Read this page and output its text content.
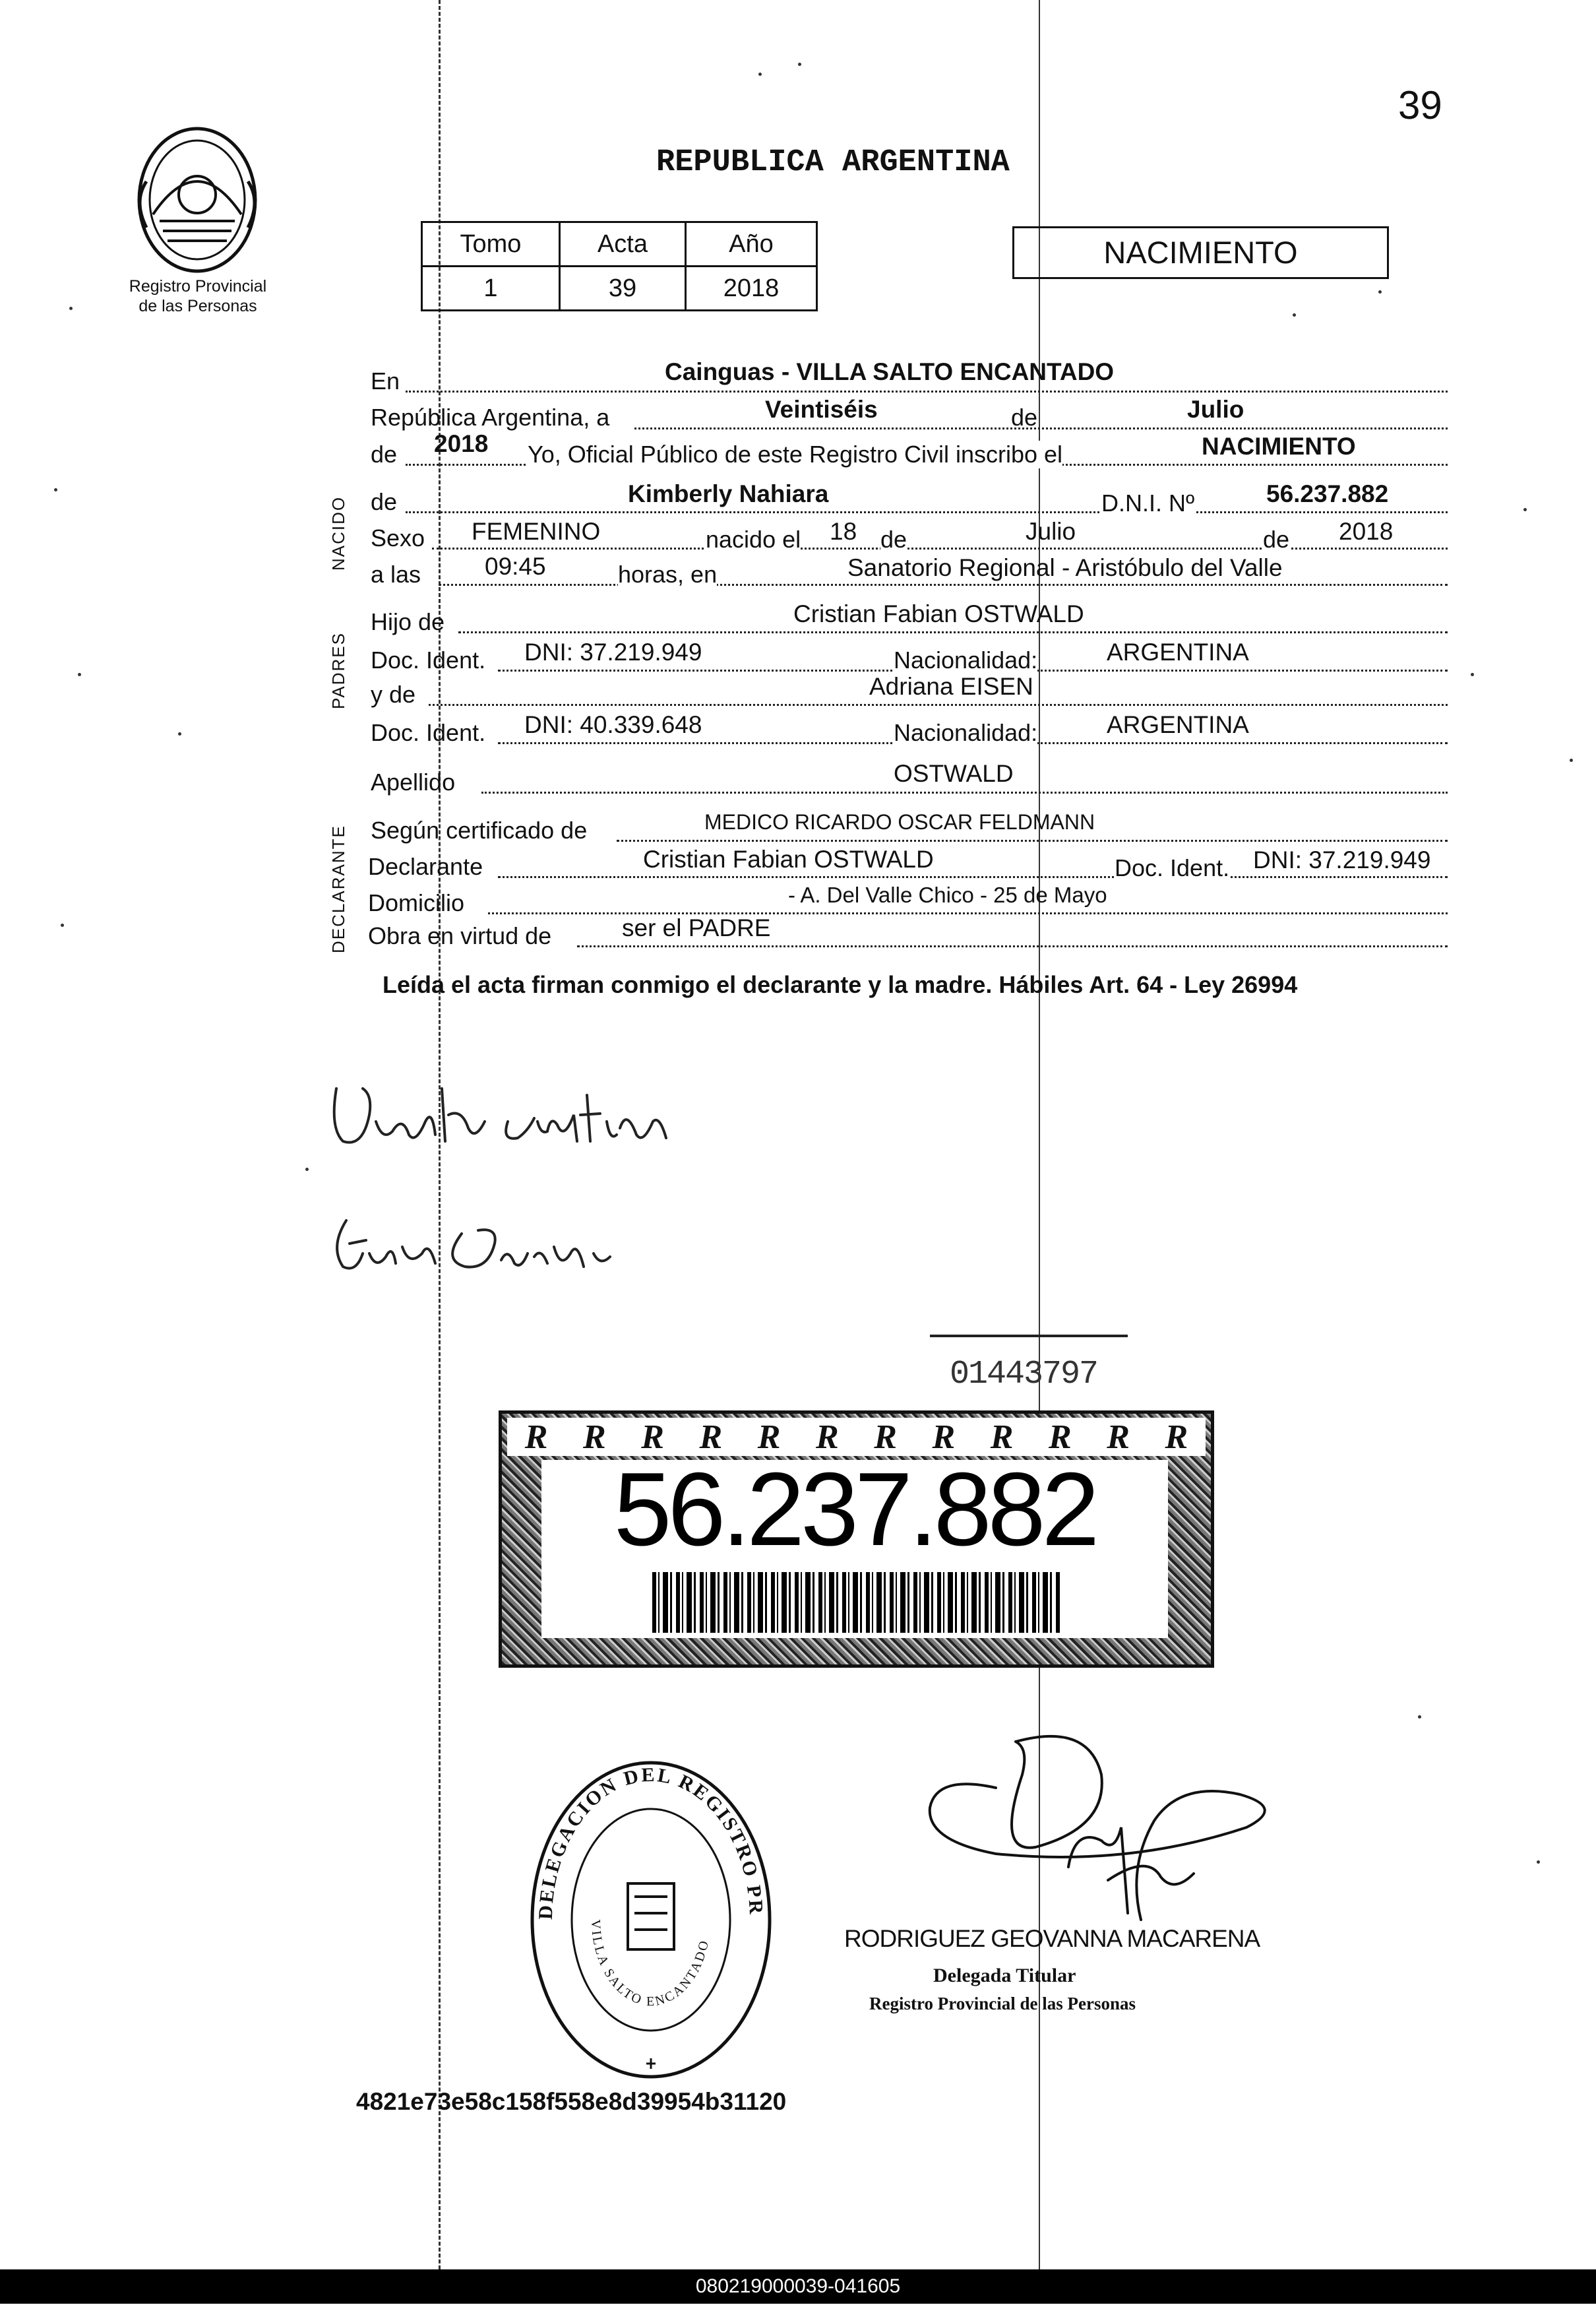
39
Registro Provincial
de las Personas
REPUBLICA ARGENTINA
Tomo	Acta	Año
1	39	2018
NACIMIENTO
NACIDO
PADRES
DECLARANTE
En	Cainguas - VILLA SALTO ENCANTADO
República Argentina, a	Veintiséis	de	Julio
de 2018 Yo, Oficial Público de este Registro Civil inscribo el	NACIMIENTO
de	Kimberly Nahiara	D.N.I. Nº	56.237.882
Sexo FEMENINO	nacido el 18 de	Julio	de 2018
a las	09:45	horas, en	Sanatorio Regional - Aristóbulo del Valle
Hijo de	Cristian Fabian OSTWALD
Doc. Ident. DNI: 37.219.949	Nacionalidad:	ARGENTINA
y de	Adriana EISEN
Doc. Ident. DNI: 40.339.648	Nacionalidad:	ARGENTINA
Apellido	OSTWALD
Según certificado de	MEDICO RICARDO OSCAR FELDMANN
Declarante	Cristian Fabian OSTWALD	Doc. Ident. DNI: 37.219.949
Domicilio	- A. Del Valle Chico - 25 de Mayo
Obra en virtud de	ser el PADRE
Leída el acta firman conmigo el declarante y la madre. Hábiles Art. 64 - Ley 26994
01443797
R R R R R R R R R R R R
56.237.882
DELEGACION DEL REGISTRO PR
VILLA SALTO ENCANTADO	RODRIGUEZ GEOVANNA MACARENA
Delegada Titular
Registro Provincial de las Personas
4821e73e58c158f558e8d39954b31120
080219000039-041605
